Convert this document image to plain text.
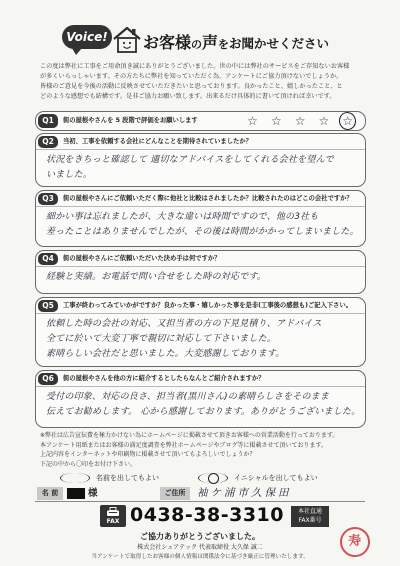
Voice! お客様 の 声 を お聞かせください
この度は弊社に工事をご用命頂き誠にありがとうございました。世の中には弊社のサービスをご存知ないお客様
が多くいらっしゃいます。その方たちに弊社を知っていただく為、アンケートにご協力頂けないでしょうか。
皆様のご意見を今後の活動に反映させていただきたいと思っております。良かったこと、嬉しかったこと、と
どのような感想でも結構です。是非ご協力お願い致します。出来るだけ具体的に書いて頂ければ幸いです。
Q1	街の屋根やさんを 5 段階で評価をお願いします
☆
☆
☆
☆
☆
Q2	当初、工事を依頼する会社にどんなことを期待されていましたか？
状況をきちっと確認して 適切なアドバイスをしてくれる会社を望んで
いました。
Q3	街の屋根やさんにご依頼いただく際に他社と比較はされましたか？比較されたのはどこの会社ですか？
細かい事は忘れましたが、大きな違いは時間ですので、他の3社も
差ったことはありませんでしたが、その後は時間がかかってしまいました。
Q4	街の屋根やさんにご依頼いただいた決め手は何ですか？
経験と実績。お電話で問い合せをした時の対応です。
Q5	工事が終わってみていかがですか？良かった事・嬉しかった事を是非(工事後の感想も)ご記入下さい。
依頼した時の会社の対応、又担当者の方の下見見積り、アドバイス
全てに於いて大変丁寧で親切に対応して下さいました。
素晴らしい会社だと思いました。大変感謝しております。
Q6	街の屋根やさんを他の方に紹介するとしたらなんとご紹介されますか？
受付の印象、対応の良さ、担当者(黒川さん)の素晴らしさをそのまま
伝えてお勧めします。 心から感謝しております。ありがとうございました。
※弊社は広告宣伝費を極力かけない為にホームページに掲載させて頂きお客様への営業活動を行っております。
本アンケート用紙またはお客様の満足度調査を弊社ホームページやブログ等に掲載させて頂いております。
上記内容をインターネットや印刷物に掲載させて頂いてもよろしいでしょうか？
下記の中から〇印をお付け下さい。
名前を出してもよい	イニシャルを出してもよい
名 前	様	ご住所	袖ケ浦市久保田
FAX 0438-38-3310	本社直通
FAX番号
ご協力ありがとうございました。
株式会社シェアテック 代表取締役 大久保 誠二
当アンケートで取得したお客様の個人情報は関係法令に基づき厳正に管理いたします。
寿
